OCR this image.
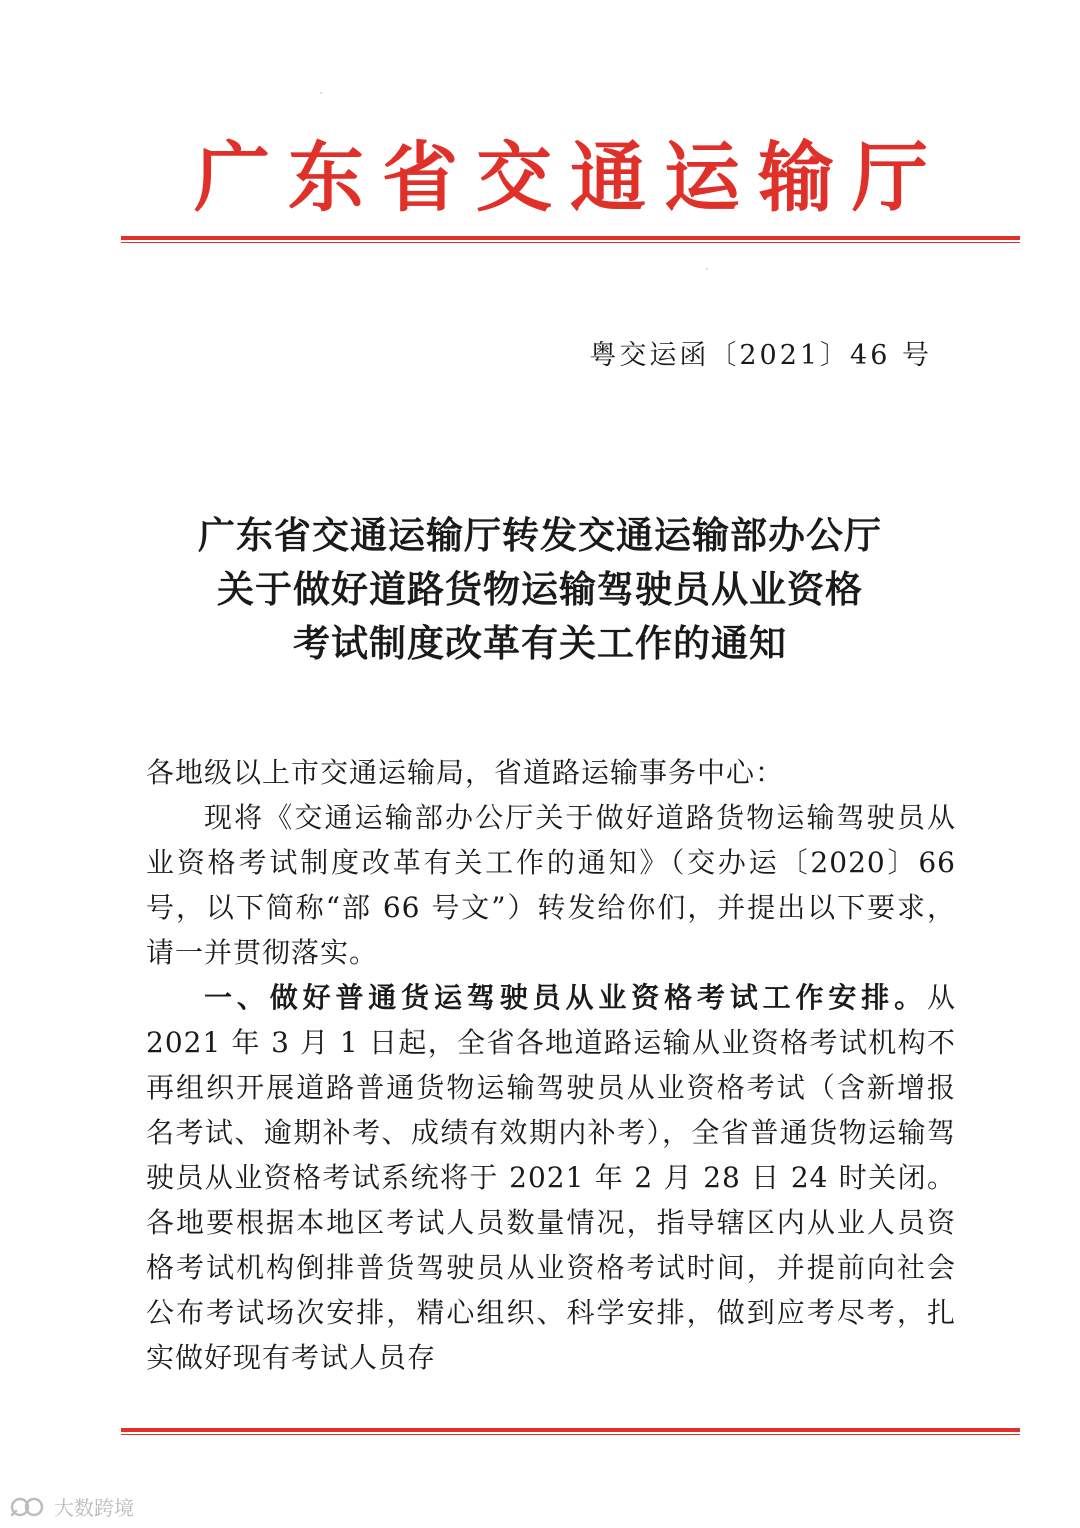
广东省交通运输厅
粤交运函〔2021〕46 号
广东省交通运输厅转发交通运输部办公厅
关于做好道路货物运输驾驶员从业资格
考试制度改革有关工作的通知

各地级以上市交通运输局，省道路运输事务中心：

现将《交通运输部办公厅关于做好道路货物运输驾驶员从业资格考试制度改革有关工作的通知》（交办运〔2020〕66 号，以下简称“部 66 号文”）转发给你们，并提出以下要求，请一并贯彻落实。

一、做好普通货运驾驶员从业资格考试工作安排。从 2021 年 3 月 1 日起，全省各地道路运输从业资格考试机构不再组织开展道路普通货物运输驾驶员从业资格考试（含新增报名考试、逾期补考、成绩有效期内补考），全省普通货物运输驾驶员从业资格考试系统将于 2021 年 2 月 28 日 24 时关闭。各地要根据本地区考试人员数量情况，指导辖区内从业人员资格考试机构倒排普货驾驶员从业资格考试时间，并提前向社会公布考试场次安排，精心组织、科学安排，做到应考尽考，扎实做好现有考试人员存

大数跨境
